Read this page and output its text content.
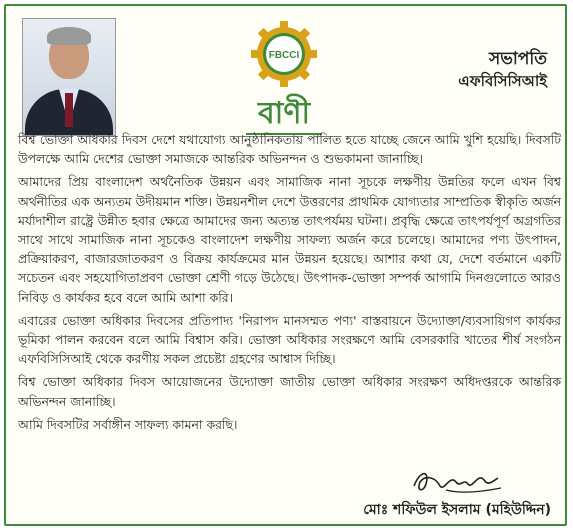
FBCCI
বাণী
সভাপতি
এফবিসিসিআই

বিশ্ব ভোক্তা অধিকার দিবস দেশে যথাযোগ্য আনুষ্ঠানিকতায় পালিত হতে যাচ্ছে জেনে আমি খুশি হয়েছি। দিবসটি উপলক্ষে আমি দেশের ভোক্তা সমাজকে আন্তরিক অভিনন্দন ও শুভকামনা জানাচ্ছি।

আমাদের প্রিয় বাংলাদেশ অর্থনৈতিক উন্নয়ন এবং সামাজিক নানা সূচকে লক্ষণীয় উন্নতির ফলে এখন বিশ্ব অর্থনীতির এক অন্যতম উদীয়মান শক্তি। উন্নয়নশীল দেশে উত্তরণের প্রাথমিক যোগ্যতার সাম্প্রতিক স্বীকৃতি অর্জন মর্যাদাশীল রাষ্ট্রে উন্নীত হবার ক্ষেত্রে আমাদের জন্য অত্যন্ত তাৎপর্যময় ঘটনা। প্রবৃদ্ধি ক্ষেত্রে তাৎপর্যপূর্ণ অগ্রগতির সাথে সাথে সামাজিক নানা সূচকেও বাংলাদেশ লক্ষণীয় সাফল্য অর্জন করে চলেছে। আমাদের পণ্য উৎপাদন, প্রক্রিয়াকরণ, বাজারজাতকরণ ও বিক্রয় কার্যক্রমের মান উন্নয়ন হয়েছে। আশার কথা যে, দেশে বর্তমানে একটি সচেতন এবং সহযোগিতাপ্রবণ ভোক্তা শ্রেণী গড়ে উঠেছে। উৎপাদক-ভোক্তা সম্পর্ক আগামি দিনগুলোতে আরও নিবিড় ও কার্যকর হবে বলে আমি আশা করি।

এবারের ভোক্তা অধিকার দিবসের প্রতিপাদ্য 'নিরাপদ মানসম্মত পণ্য' বাস্তবায়নে উদ্যোক্তা/ব্যবসায়িগণ কার্যকর ভূমিকা পালন করবেন বলে আমি বিশ্বাস করি। ভোক্তা অধিকার সংরক্ষণে আমি বেসরকারি খাতের শীর্ষ সংগঠন এফবিসিসিআই থেকে করণীয় সকল প্রচেষ্টা গ্রহণের আশ্বাস দিচ্ছি।

বিশ্ব ভোক্তা অধিকার দিবস আয়োজনের উদ্যোক্তা জাতীয় ভোক্তা অধিকার সংরক্ষণ অধিদপ্তরকে আন্তরিক অভিনন্দন জানাচ্ছি।

আমি দিবসটির সর্বাঙ্গীন সাফল্য কামনা করছি।

মোঃ শফিউল ইসলাম (মহিউদ্দিন)
